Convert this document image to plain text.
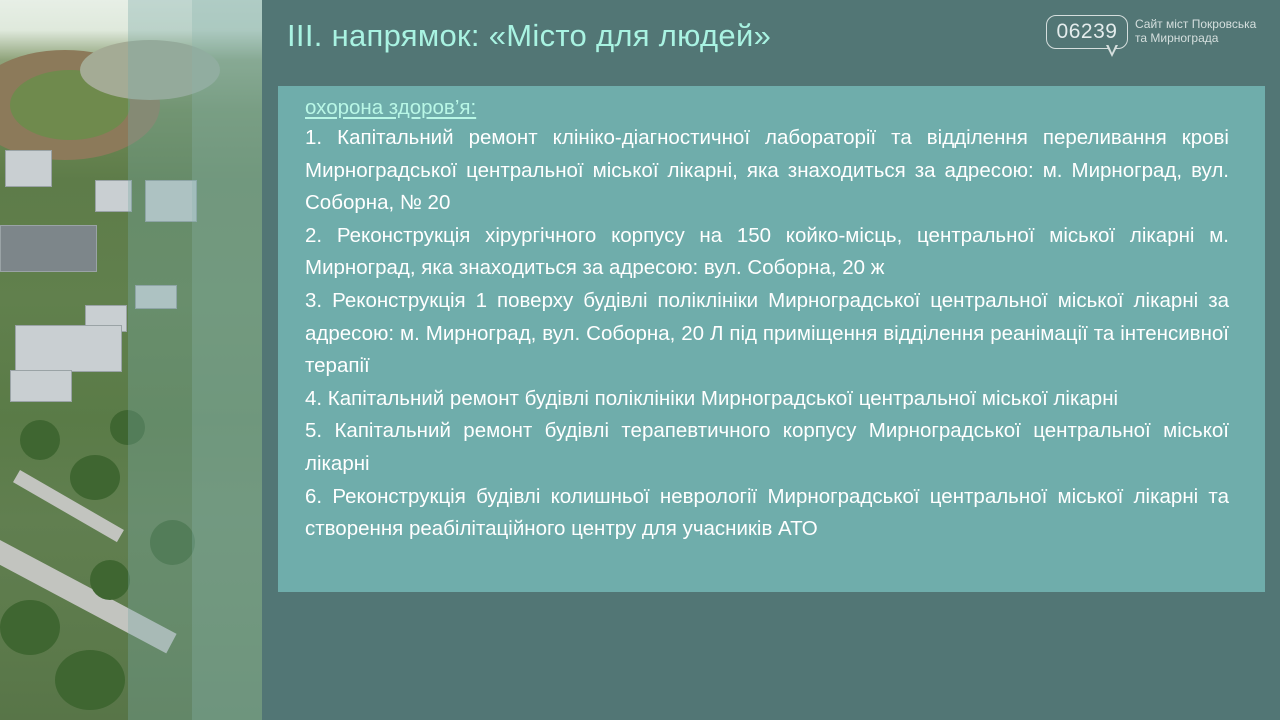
III. напрямок: «Місто для людей»	06239	Сайт міст Покровська
та Мирнограда
охорона здоров’я:

1. Капітальний ремонт клініко-діагностичної лабораторії та відділення переливання крові Мирноградської центральної міської лікарні, яка знаходиться за адресою: м. Мирноград, вул. Соборна, № 20

2. Реконструкція хірургічного корпусу на 150 койко-місць, центральної міської лікарні м. Мирноград, яка знаходиться за адресою: вул. Соборна, 20 ж

3. Реконструкція 1 поверху будівлі поліклініки Мирноградської центральної міської лікарні за адресою: м. Мирноград, вул. Соборна, 20 Л під приміщення відділення реанімації та інтенсивної терапії

4. Капітальний ремонт будівлі поліклініки Мирноградської центральної міської лікарні

5. Капітальний ремонт будівлі терапевтичного корпусу Мирноградської центральної міської лікарні

6. Реконструкція будівлі колишньої неврології Мирноградської центральної міської лікарні та створення реабілітаційного центру для учасників АТО
